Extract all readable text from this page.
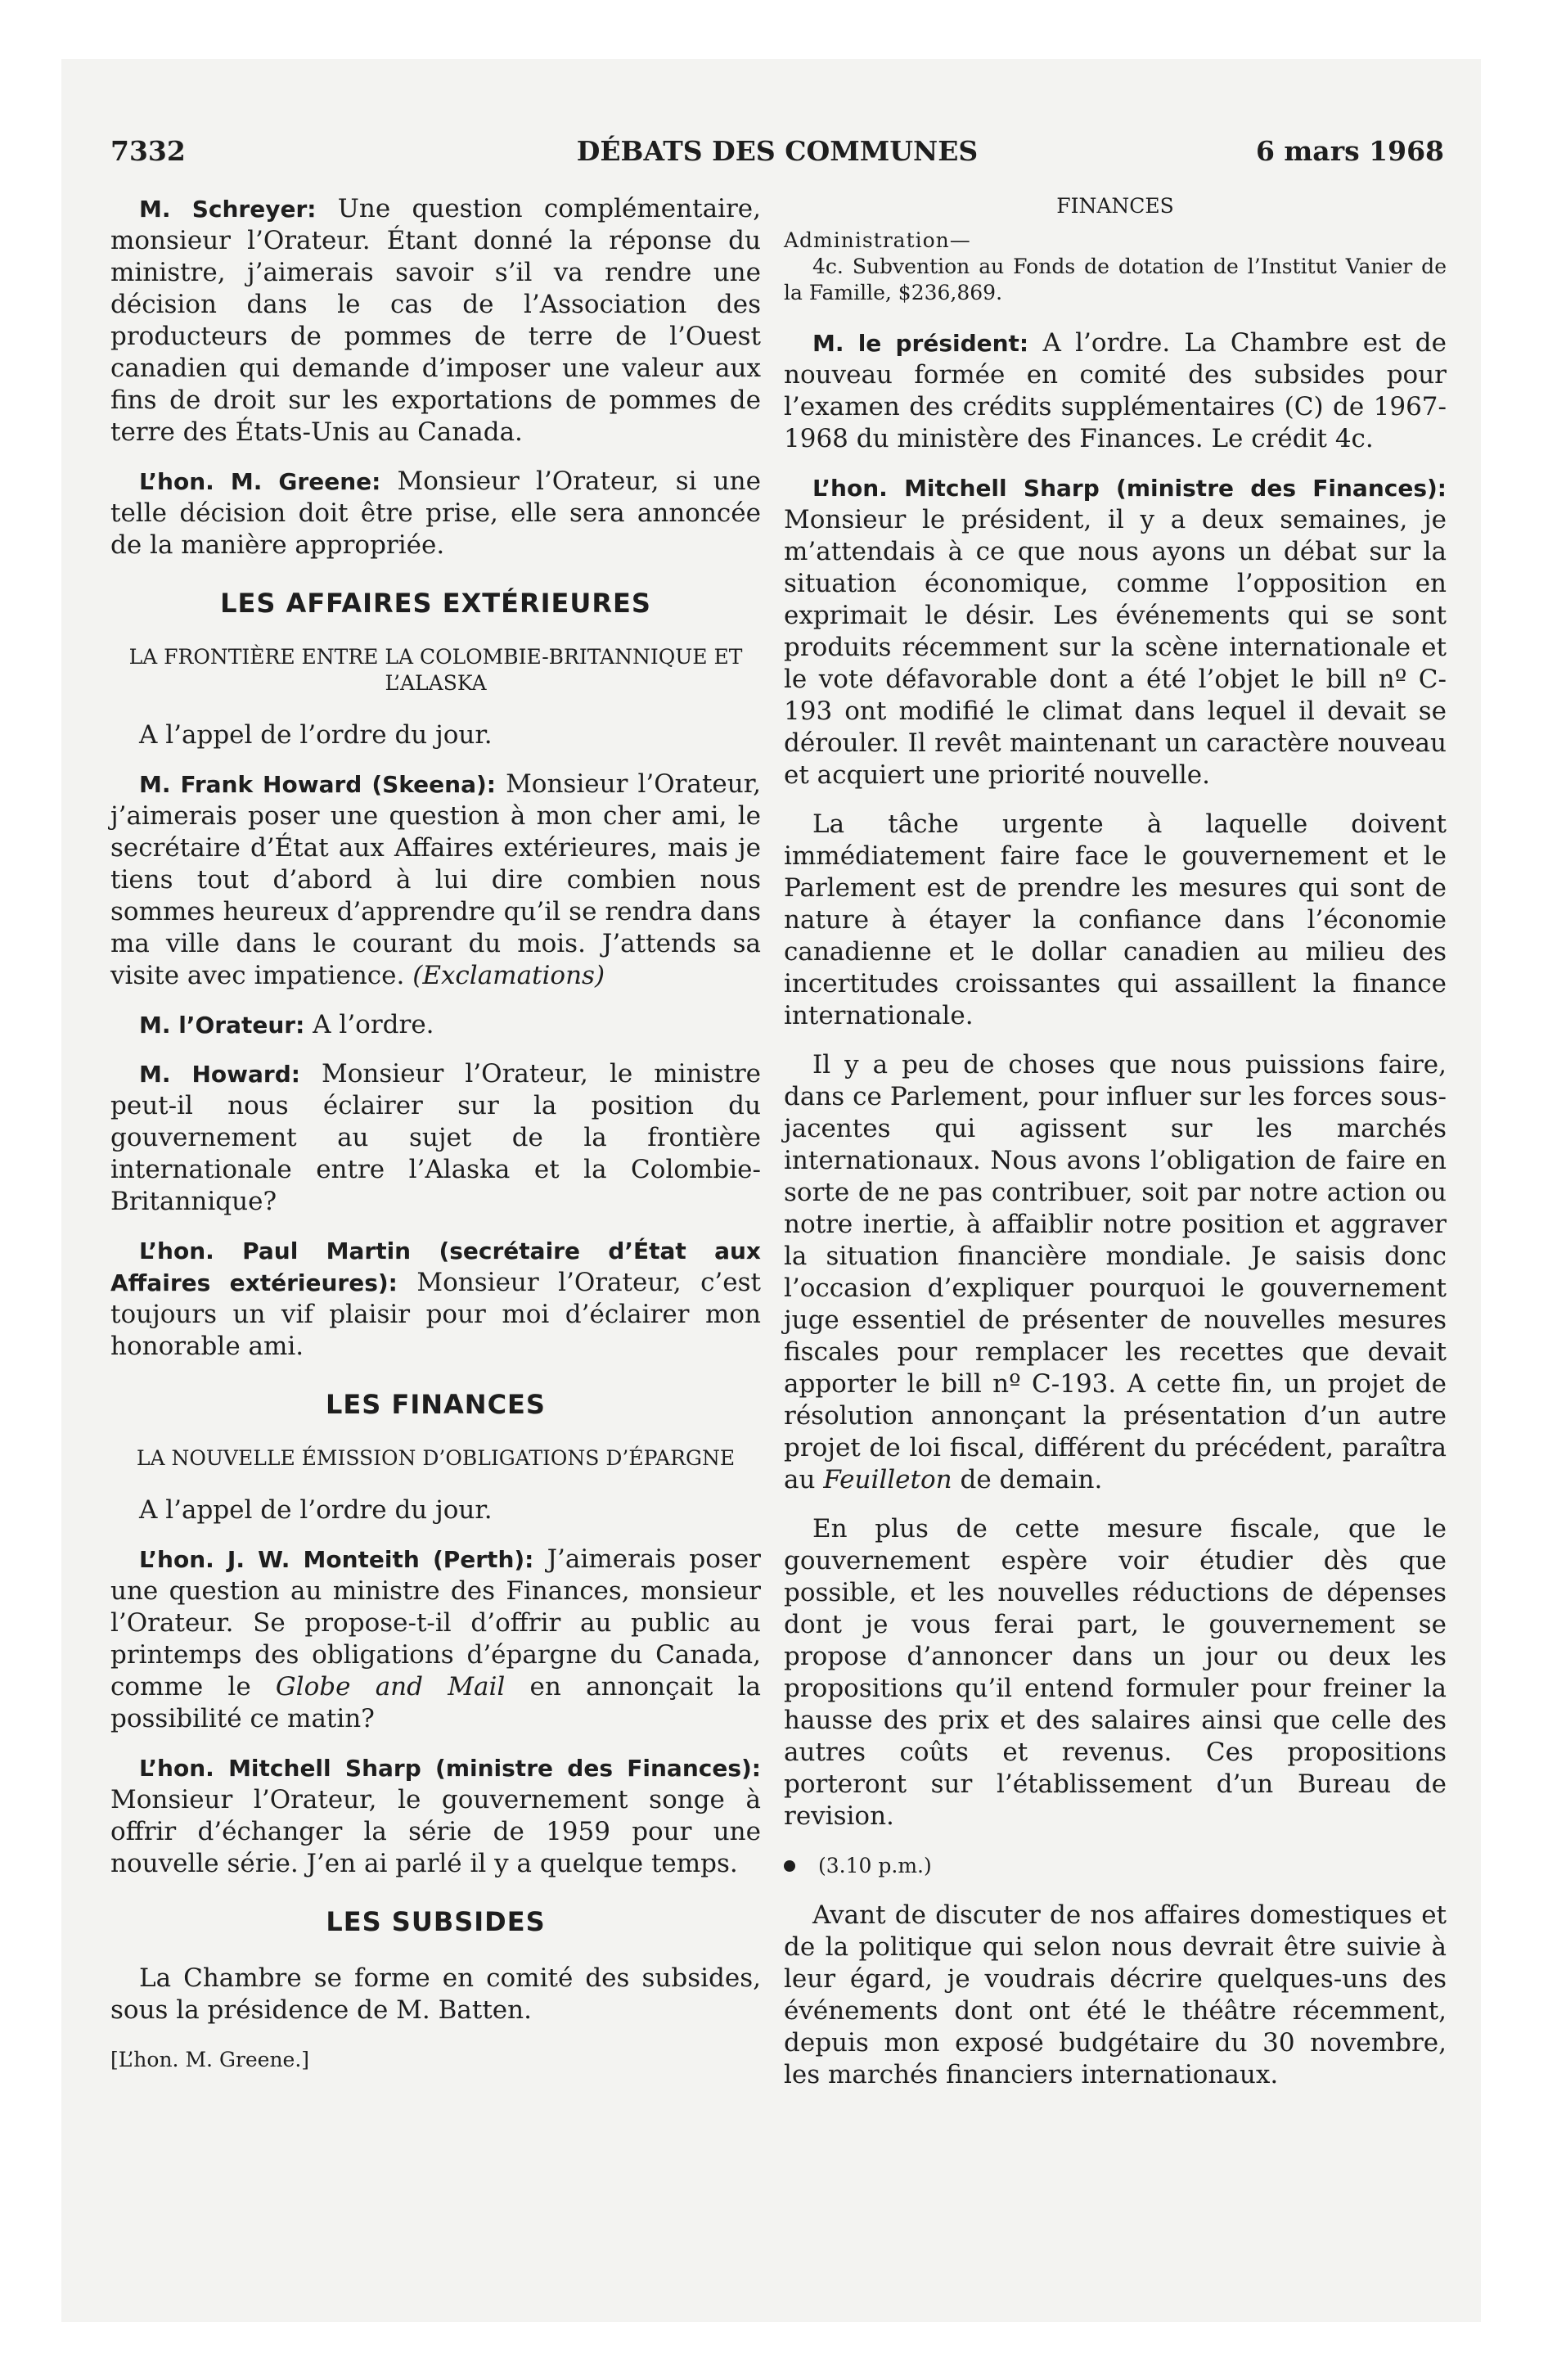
7332	DÉBATS DES COMMUNES	6 mars 1968

M. Schreyer: Une question complémentaire, monsieur l’Orateur. Étant donné la réponse du ministre, j’aimerais savoir s’il va rendre une décision dans le cas de l’Association des producteurs de pommes de terre de l’Ouest canadien qui demande d’imposer une valeur aux fins de droit sur les exportations de pommes de terre des États-Unis au Canada.

L’hon. M. Greene: Monsieur l’Orateur, si une telle décision doit être prise, elle sera annoncée de la manière appropriée.

LES AFFAIRES EXTÉRIEURES
LA FRONTIÈRE ENTRE LA COLOMBIE-BRITANNIQUE ET L’ALASKA

A l’appel de l’ordre du jour.

M. Frank Howard (Skeena): Monsieur l’Orateur, j’aimerais poser une question à mon cher ami, le secrétaire d’État aux Affaires extérieures, mais je tiens tout d’abord à lui dire combien nous sommes heureux d’apprendre qu’il se rendra dans ma ville dans le courant du mois. J’attends sa visite avec impatience. (Exclamations)

M. l’Orateur: A l’ordre.

M. Howard: Monsieur l’Orateur, le ministre peut-il nous éclairer sur la position du gouvernement au sujet de la frontière internationale entre l’Alaska et la Colombie-Britannique?

L’hon. Paul Martin (secrétaire d’État aux Affaires extérieures): Monsieur l’Orateur, c’est toujours un vif plaisir pour moi d’éclairer mon honorable ami.

LES FINANCES
LA NOUVELLE ÉMISSION D’OBLIGATIONS D’ÉPARGNE

A l’appel de l’ordre du jour.

L’hon. J. W. Monteith (Perth): J’aimerais poser une question au ministre des Finances, monsieur l’Orateur. Se propose-t-il d’offrir au public au printemps des obligations d’épargne du Canada, comme le Globe and Mail en annonçait la possibilité ce matin?

L’hon. Mitchell Sharp (ministre des Finances): Monsieur l’Orateur, le gouvernement songe à offrir d’échanger la série de 1959 pour une nouvelle série. J’en ai parlé il y a quelque temps.

LES SUBSIDES

La Chambre se forme en comité des subsides, sous la présidence de M. Batten.

[L’hon. M. Greene.]
FINANCES
Administration—

4c. Subvention au Fonds de dotation de l’Institut Vanier de la Famille, $236,869.

M. le président: A l’ordre. La Chambre est de nouveau formée en comité des subsides pour l’examen des crédits supplémentaires (C) de 1967-1968 du ministère des Finances. Le crédit 4c.

L’hon. Mitchell Sharp (ministre des Finances): Monsieur le président, il y a deux semaines, je m’attendais à ce que nous ayons un débat sur la situation économique, comme l’opposition en exprimait le désir. Les événements qui se sont produits récemment sur la scène internationale et le vote défavorable dont a été l’objet le bill nº C-193 ont modifié le climat dans lequel il devait se dérouler. Il revêt maintenant un caractère nouveau et acquiert une priorité nouvelle.

La tâche urgente à laquelle doivent immédiatement faire face le gouvernement et le Parlement est de prendre les mesures qui sont de nature à étayer la confiance dans l’économie canadienne et le dollar canadien au milieu des incertitudes croissantes qui assaillent la finance internationale.

Il y a peu de choses que nous puissions faire, dans ce Parlement, pour influer sur les forces sous-jacentes qui agissent sur les marchés internationaux. Nous avons l’obligation de faire en sorte de ne pas contribuer, soit par notre action ou notre inertie, à affaiblir notre position et aggraver la situation financière mondiale. Je saisis donc l’occasion d’expliquer pourquoi le gouvernement juge essentiel de présenter de nouvelles mesures fiscales pour remplacer les recettes que devait apporter le bill nº C-193. A cette fin, un projet de résolution annonçant la présentation d’un autre projet de loi fiscal, différent du précédent, paraîtra au Feuilleton de demain.

En plus de cette mesure fiscale, que le gouvernement espère voir étudier dès que possible, et les nouvelles réductions de dépenses dont je vous ferai part, le gouvernement se propose d’annoncer dans un jour ou deux les propositions qu’il entend formuler pour freiner la hausse des prix et des salaires ainsi que celle des autres coûts et revenus. Ces propositions porteront sur l’établissement d’un Bureau de revision.

(3.10 p.m.)

Avant de discuter de nos affaires domestiques et de la politique qui selon nous devrait être suivie à leur égard, je voudrais décrire quelques-uns des événements dont ont été le théâtre récemment, depuis mon exposé budgétaire du 30 novembre, les marchés financiers internationaux.
